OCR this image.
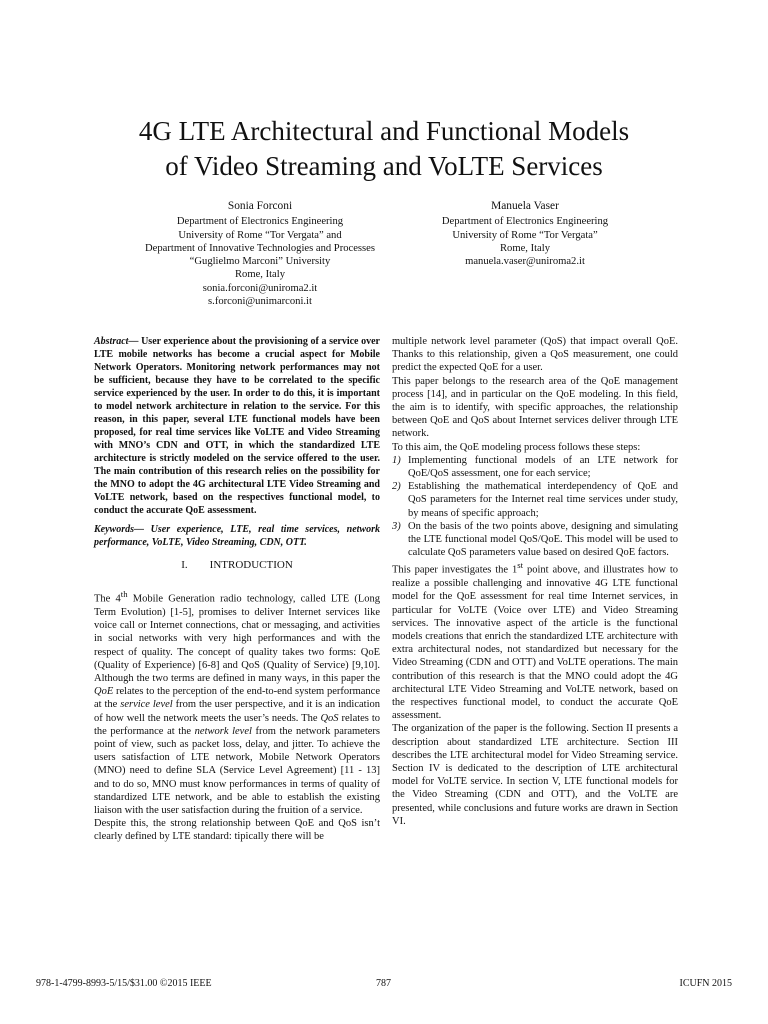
4G LTE Architectural and Functional Models
of Video Streaming and VoLTE Services
Sonia Forconi
Department of Electronics Engineering
University of Rome “Tor Vergata” and
Department of Innovative Technologies and Processes
“Guglielmo Marconi” University
Rome, Italy
sonia.forconi@uniroma2.it
s.forconi@unimarconi.it
Manuela Vaser
Department of Electronics Engineering
University of Rome “Tor Vergata”
Rome, Italy
manuela.vaser@uniroma2.it

Abstract— User experience about the provisioning of a service over LTE mobile networks has become a crucial aspect for Mobile Network Operators. Monitoring network performances may not be sufficient, because they have to be correlated to the specific service experienced by the user. In order to do this, it is important to model network architecture in relation to the service. For this reason, in this paper, several LTE functional models have been proposed, for real time services like VoLTE and Video Streaming with MNO’s CDN and OTT, in which the standardized LTE architecture is strictly modeled on the service offered to the user. The main contribution of this research relies on the possibility for the MNO to adopt the 4G architectural LTE Video Streaming and VoLTE network, based on the respectives functional model, to conduct the accurate QoE assessment.

Keywords— User experience, LTE, real time services, network performance, VoLTE, Video Streaming, CDN, OTT.

I. INTRODUCTION

The 4th Mobile Generation radio technology, called LTE (Long Term Evolution) [1-5], promises to deliver Internet services like voice call or Internet connections, chat or messaging, and activities in social networks with very high performances and with the respect of quality. The concept of quality takes two forms: QoE (Quality of Experience) [6-8] and QoS (Quality of Service) [9,10]. Although the two terms are defined in many ways, in this paper the QoE relates to the perception of the end-to-end system performance at the service level from the user perspective, and it is an indication of how well the network meets the user’s needs. The QoS relates to the performance at the network level from the network parameters point of view, such as packet loss, delay, and jitter. To achieve the users satisfaction of LTE network, Mobile Network Operators (MNO) need to define SLA (Service Level Agreement) [11 - 13] and to do so, MNO must know performances in terms of quality of standardized LTE network, and be able to establish the existing liaison with the user satisfaction during the fruition of a service.

Despite this, the strong relationship between QoE and QoS isn’t clearly defined by LTE standard: tipically there will be

multiple network level parameter (QoS) that impact overall QoE. Thanks to this relationship, given a QoS measurement, one could predict the expected QoE for a user.

This paper belongs to the research area of the QoE management process [14], and in particular on the QoE modeling. In this field, the aim is to identify, with specific approaches, the relationship between QoE and QoS about Internet services deliver through LTE network.

To this aim, the QoE modeling process follows these steps:

1) Implementing functional models of an LTE network for QoE/QoS assessment, one for each service;
2) Establishing the mathematical interdependency of QoE and QoS parameters for the Internet real time services under study, by means of specific approach;
3) On the basis of the two points above, designing and simulating the LTE functional model QoS/QoE. This model will be used to calculate QoS parameters value based on desired QoE factors.

This paper investigates the 1st point above, and illustrates how to realize a possible challenging and innovative 4G LTE functional model for the QoE assessment for real time Internet services, in particular for VoLTE (Voice over LTE) and Video Streaming services. The innovative aspect of the article is the functional models creations that enrich the standardized LTE architecture with extra architectural nodes, not standardized but necessary for the Video Streaming (CDN and OTT) and VoLTE operations. The main contribution of this research is that the MNO could adopt the 4G architectural LTE Video Streaming and VoLTE network, based on the respectives functional model, to conduct the accurate QoE assessment.

The organization of the paper is the following. Section II presents a description about standardized LTE architecture. Section III describes the LTE architectural model for Video Streaming service. Section IV is dedicated to the description of LTE architectural model for VoLTE service. In section V, LTE functional models for the Video Streaming (CDN and OTT), and the VoLTE are presented, while conclusions and future works are drawn in Section VI.

978-1-4799-8993-5/15/$31.00 ©2015 IEEE	787	ICUFN 2015
